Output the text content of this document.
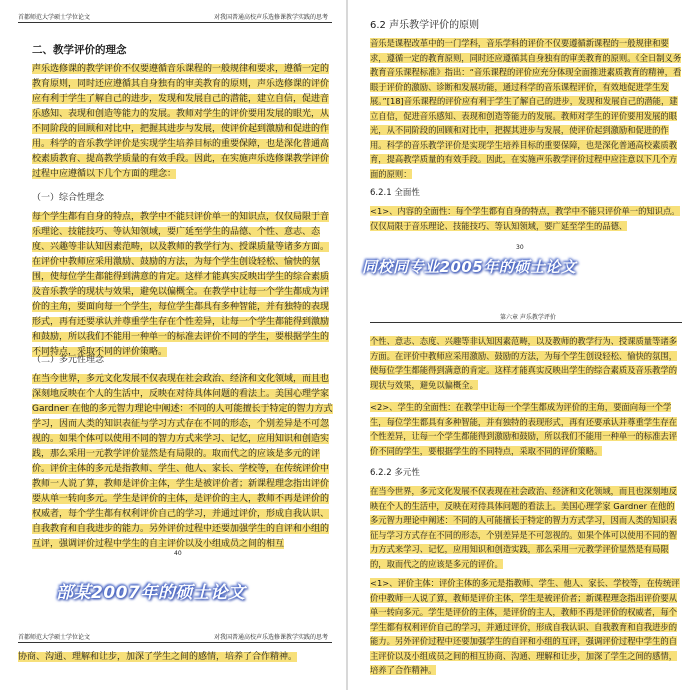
首都师范大学硕士学位论文	对我国普通高校声乐选修课教学实践的思考
二、教学评价的理念
声乐选修课的教学评价不仅要遵循音乐课程的一般规律和要求，遵循一定的教育原则，同时还应遵循其自身独有的审美教育的原则，声乐选修课的评价应有利于学生了解自己的进步，发现和发展自己的潜能，建立自信，促进音乐感知、表现和创造等能力的发展。教师对学生的评价要用发展的眼光，从不同阶段的回顾和对比中，把握其进步与发展，使评价起到激励和促进的作用。科学的音乐教学评价是实现学生培养目标的重要保障，也是深化普通高校素质教育、提高教学质量的有效手段。因此，在实施声乐选修课教学评价过程中应遵循以下几个方面的理念：
（一）综合性理念
每个学生都有自身的特点，教学中不能只评价单一的知识点，仅仅局限于音乐理论、技能技巧、等认知领域，要广延至学生的品德、个性、意志、态度、兴趣等非认知因素范畴，以及教师的教学行为、授课质量等诸多方面。在评价中教师应采用激励、鼓励的方法，为每个学生创设轻松、愉快的氛围，使每位学生都能得到满意的肯定。这样才能真实反映出学生的综合素质及音乐教学的现状与效果，避免以偏概全。在教学中让每一个学生都成为评价的主角，要面向每一个学生，每位学生都具有多种智能，并有独特的表现形式，再有还要承认并尊重学生存在个性差异，让每一个学生都能得到激励和鼓励，所以我们不能用一种单一的标准去评价不同的学生，要根据学生的不同特点，采取不同的评价策略。
（二）多元性理念
在当今世界，多元文化发展不仅表现在社会政治、经济和文化领域，而且也深刻地反映在个人的生活中，反映在对待具体问题的看法上。美国心理学家 Gardner 在他的多元智力理论中阐述：不同的人可能擅长于特定的智力方式学习，因而人类的知识表征与学习方式存在不同的形态，个别差异是不可忽视的。如果个体可以使用不同的智力方式来学习、记忆，应用知识和创造实践，那么采用一元教学评价显然是有局限的。取而代之的应该是多元的评价。评价主体的多元是指教师、学生、他人、家长、学校等，在传统评价中教师一人说了算，教师是评价主体，学生是被评价者；新课程理念指出评价要从单一转向多元。学生是评价的主体，是评价的主人，教师不再是评价的权威者，每个学生都有权利评价自己的学习，并通过评价，形成自我认识、自我教育和自我进步的能力。另外评价过程中还要加强学生的自评和小组的互评，强调评价过程中学生的自主评价以及小组成员之间的相互
40
部某2007年的硕士论文
首都师范大学硕士学位论文	对我国普通高校声乐选修课教学实践的思考
协商、沟通、理解和让步，加深了学生之间的感情，培养了合作精神。
6.2 声乐教学评价的原则
音乐是课程改革中的一门学科，音乐学科的评价不仅要遵循新课程的一般规律和要求，遵循一定的教育原则，同时还应遵循其自身独有的审美教育的原则。《全日制义务教育音乐课程标准》指出：“音乐课程的评价应充分体现全面推进素质教育的精神，看眼于评价的激励、诊断和发展功能，通过科学的音乐课程评价，有效地促进学生发展。”[18]音乐课程的评价应有利于学生了解自己的进步，发现和发展自己的潜能，建立自信，促进音乐感知、表现和创造等能力的发展。教师对学生的评价要用发展的眼光，从不同阶段的回顾和对比中，把握其进步与发展，使评价起到激励和促进的作用。科学的音乐教学评价是实现学生培养目标的重要保障，也是深化普通高校素质教育，提高教学质量的有效手段。因此，在实施声乐教学评价过程中应注意以下几个方面的原则：
6.2.1 全面性
<1>、内容的全面性：每个学生都有自身的特点，教学中不能只评价单一的知识点。仅仅局限于音乐理论、技能技巧、等认知领域，要广延至学生的品德、
30
同校同专业2005年的硕士论文
第六章 声乐教学评价
个性、意志、态度、兴趣等非认知因素范畴，以及教师的教学行为、授课质量等诸多方面。在评价中教师应采用激励、鼓励的方法，为每个学生创设轻松、愉快的氛围，使每位学生都能得到满意的肯定。这样才能真实反映出学生的综合素质及音乐教学的现状与效果，避免以偏概全。
<2>、学生的全面性：在教学中让每一个学生都成为评价的主角，要面向每一个学生，每位学生都具有多种智能，并有独特的表现形式，再有还要承认并尊重学生存在个性差异，让每一个学生都能得到激励和鼓励，所以我们不能用一种单一的标准去评价不同的学生，要根据学生的不同特点，采取不同的评价策略。
6.2.2 多元性
在当今世界，多元文化发展不仅表现在社会政治、经济和文化领域，而且也深刻地反映在个人的生活中，反映在对待具体问题的看法上。美国心理学家 Gardner 在他的多元智力理论中阐述：不同的人可能擅长于特定的智力方式学习，因而人类的知识表征与学习方式存在不同的形态，个别差异是不可忽视的。如果个体可以使用不同的智力方式来学习、记忆，应用知识和创造实践，那么采用一元教学评价显然是有局限的，取而代之的应该是多元的评价。
<1>、评价主体：评价主体的多元是指教师、学生、他人、家长、学校等，在传统评价中教师一人说了算，教师是评价主体，学生是被评价者；新课程理念指出评价要从单一转向多元。学生是评价的主体，是评价的主人，教师不再是评价的权威者，每个学生都有权利评价自己的学习，并通过评价，形成自我认识、自我教育和自我进步的能力。另外评价过程中还要加强学生的自评和小组的互评，强调评价过程中学生的自主评价以及小组成员之间的相互协商、沟通、理解和让步，加深了学生之间的感情，培养了合作精神。
